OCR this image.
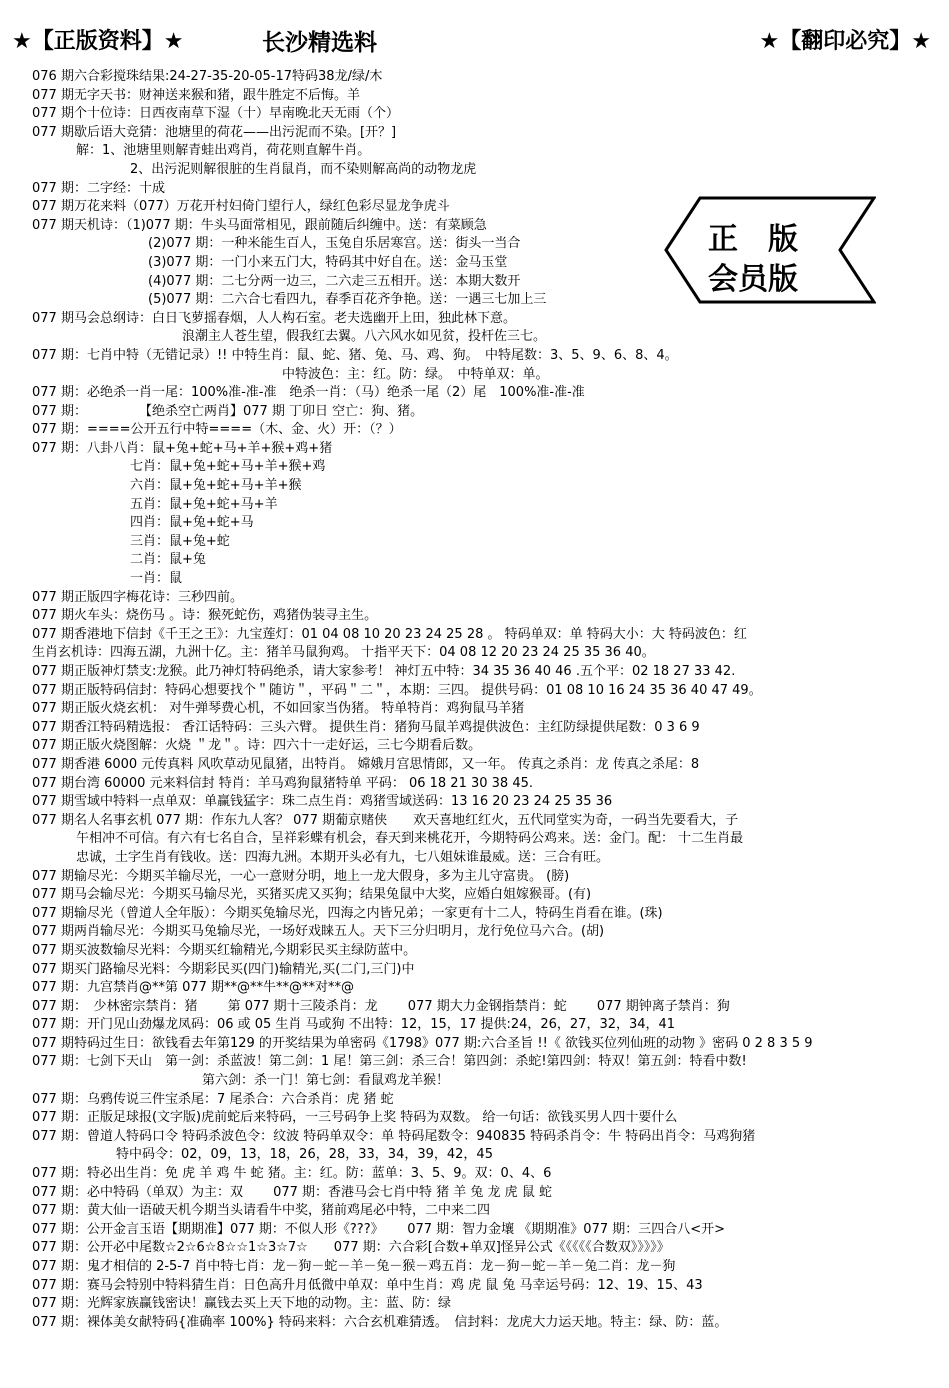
★【正版资料】★	长沙精选料	★【翻印必究】★
正　版
会员版
076 期六合彩搅珠结果:24-27-35-20-05-17特码38龙/绿/木
077 期无字天书：财神送来猴和猪，跟牛胜定不后悔。羊
077 期个十位诗：日西夜南草下湿（十）早南晚北天无雨（个）
077 期歇后语大竞猜：池塘里的荷花——出污泥而不染。[开？]
解：1、池塘里则解青蛙出鸡肖，荷花则直解牛肖。
2、出污泥则解很脏的生肖鼠肖，而不染则解高尚的动物龙虎
077 期：二字经：十成
077 期万花来料（077）万花开村妇倚门望行人，绿红色彩尽显龙争虎斗
077 期天机诗：（1)077 期：牛头马面常相见，跟前随后纠缠中。送：有菜顾急
(2)077 期：一种米能生百人，玉兔自乐居寒宫。送：街头一当合
(3)077 期：一门小来五门大，特码其中好自在。送：金马玉堂
(4)077 期：二七分两一边三，二六走三五相开。送：本期大数开
(5)077 期：二六合七看四九，春季百花齐争艳。送：一遇三七加上三
077 期马会总纲诗：白日飞萝摇春烟，人人构石室。老夫选幽开上田，独此林下意。
浪潮主人苍生望，假我红去翼。八六风水如见贫，投杆佐三七。
077 期：七肖中特（无错记录）!! 中特生肖：鼠、蛇、猪、兔、马、鸡、狗。　中特尾数：3、5、9、6、8、4。
中特波色：主：红。防：绿。　中特单双：单。
077 期：必绝杀一肖一尾：100%准-准-准　绝杀一肖：（马）绝杀一尾（2）尾　100%准-准-准
077 期：　　　　　【绝杀空亡两肖】077 期 丁卯日 空亡：狗、猪。
077 期：====公开五行中特====（木、金、火）开：（？）
077 期：八卦八肖：鼠+兔+蛇+马+羊+猴+鸡+猪
七肖：鼠+兔+蛇+马+羊+猴+鸡
六肖：鼠+兔+蛇+马+羊+猴
五肖：鼠+兔+蛇+马+羊
四肖：鼠+兔+蛇+马
三肖：鼠+兔+蛇
二肖：鼠+兔
一肖：鼠
077 期正版四字梅花诗：三秒四前。
077 期火车头：烧伤马 。诗：猴死蛇伤，鸡猪伪装寻主生。
077 期香港地下信封《千王之王》：九宝莲灯：01 04 08 10 20 23 24 25 28 。 特码单双：单 特码大小：大 特码波色：红
生肖玄机诗：四海五湖，九洲十亿。主：猪羊马鼠狗鸡。 十指平天下：04 08 12 20 23 24 25 35 36 40。
077 期正版神灯禁支:龙猴。此乃神灯特码绝杀，请大家参考！ 神灯五中特：34 35 36 40 46 .五个平：02 18 27 33 42.
077 期正版特码信封：特码心想要找个＂随访＂，平码＂二＂，本期：三四。 提供号码：01 08 10 16 24 35 36 40 47 49。
077 期正版火烧玄机： 对牛弹琴费心机，不如回家当伪猪。 特单特肖：鸡狗鼠马羊猪
077 期香江特码精选报： 香江话特码：三头六臂。 提供生肖：猪狗马鼠羊鸡提供波色：主红防绿提供尾数：0 3 6 9
077 期正版火烧图解：火烧 ＂龙＂。诗：四六十一走好运，三七今期看后数。
077 期香港 6000 元传真料 风吹草动见鼠猪，出特肖。 嫦娥月宫思情郎，又一年。 传真之杀肖：龙 传真之杀尾：8
077 期台湾 60000 元来料信封 特肖：羊马鸡狗鼠猪特单 平码： 06 18 21 30 38 45.
077 期雪域中特料一点单双：单赢钱猛字：珠二点生肖：鸡猪雪域送码：13 16 20 23 24 25 35 36
077 期名人名事玄机 077 期：作东九人客？ 077 期葡京赌侠　　欢天喜地红红火，五代同堂实为奇，一码当先要看大，子
午相冲不可信。有六有七名自合，呈祥彩蝶有机会，春天到来桃花开，今期特码公鸡来。送：金门。配： 十二生肖最
忠诚，土字生肖有钱收。送：四海九洲。本期开头必有九，七八姐妹谁最威。送：三合有旺。
077 期输尽光：今期买羊输尽光，一心一意财分明，地上一龙大假身，多为主儿守富贵。 (膀)
077 期马会输尽光：今期买马输尽光，买猪买虎又买狗；结果兔鼠中大奖，应婚白姐嫁猴哥。(有)
077 期输尽光（曾道人全年版）：今期买兔输尽光，四海之内皆兄弟；一家更有十二人，特码生肖看在谁。(珠)
077 期两肖输尽光：今期买马兔输尽光，一场好戏睐五人。天下三分归明月，龙行免位马六合。(胡)
077 期买波数输尽光料：今期买红输精光,今期彩民买主绿防蓝中。
077 期买门路输尽光料：今期彩民买(四门)输精光,买(二门,三门)中
077 期：九宫禁肖@**第 077 期**@**牛**@**对**@
077 期：　少林密宗禁肖：猪　　 第 077 期十三陵杀肖：龙　　 077 期大力金钢指禁肖：蛇　　 077 期钟离子禁肖：狗
077 期：开门见山劲爆龙凤码：06 或 05 生肖 马或狗 不出特：12，15，17 提供:24，26，27，32，34，41
077 期特码过生日：欲钱看去年第129 的开奖结果为单密码《1798》077 期:六合圣旨 !!《 欲钱买位列仙班的动物 》密码 0 2 8 3 5 9
077 期：七剑下天山　第一剑：杀蓝波！第二剑：1 尾！第三剑：杀三合！第四剑：杀蛇!第四剑：特双！第五剑：特看中数!
第六剑：杀一门！第七剑：看鼠鸡龙羊猴！
077 期：乌鸦传说三件宝杀尾：7 尾杀合：六合杀肖：虎 猪 蛇
077 期：正版足球报(文字版)虎前蛇后来特码，一三号码争上奖 特码为双数。 给一句话：欲钱买男人四十要什么
077 期：曾道人特码口令 特码杀波色令：纹波 特码单双令：单 特码尾数令：940835 特码杀肖令：牛 特码出肖令：马鸡狗猪
特中码令：02，09，13，18，26，28，33，34，39，42，45
077 期：特必出生肖：免 虎 羊 鸡 牛 蛇 猪。主：红。防：蓝单：3、5、9。双：0、4、6
077 期：必中特码（单双）为主：双　　 077 期：香港马会七肖中特 猪 羊 兔 龙 虎 鼠 蛇
077 期：黄大仙一语破天机今期当头请看牛中奖，猪前鸡尾必中特，二中来二四
077 期：公开金言玉语【期期准】077 期：不似人形《???》　　 077 期：智力金壤 《期期准》077 期：三四合八<开>
077 期：公开必中尾数☆2☆6☆8☆☆1☆3☆7☆　　077 期：六合彩[合数+单双]怪异公式《《《《《合数双》》》》》
077 期：鬼才相信的 2-5-7 肖中特七肖：龙－狗－蛇－羊－兔－猴－鸡五肖：龙－狗－蛇－羊－兔二肖：龙－狗
077 期：赛马会特别中特料猜生肖：日色高升月低微中单双：单中生肖：鸡 虎 鼠 兔 马幸运号码：12、19、15、43
077 期：光辉家族赢钱密诀！赢钱去买上天下地的动物。主：蓝、防：绿
077 期：裸体美女献特码{准确率 100%} 特码来料：六合玄机难猜透。　信封料：龙虎大力运天地。特主：绿、防：蓝。
